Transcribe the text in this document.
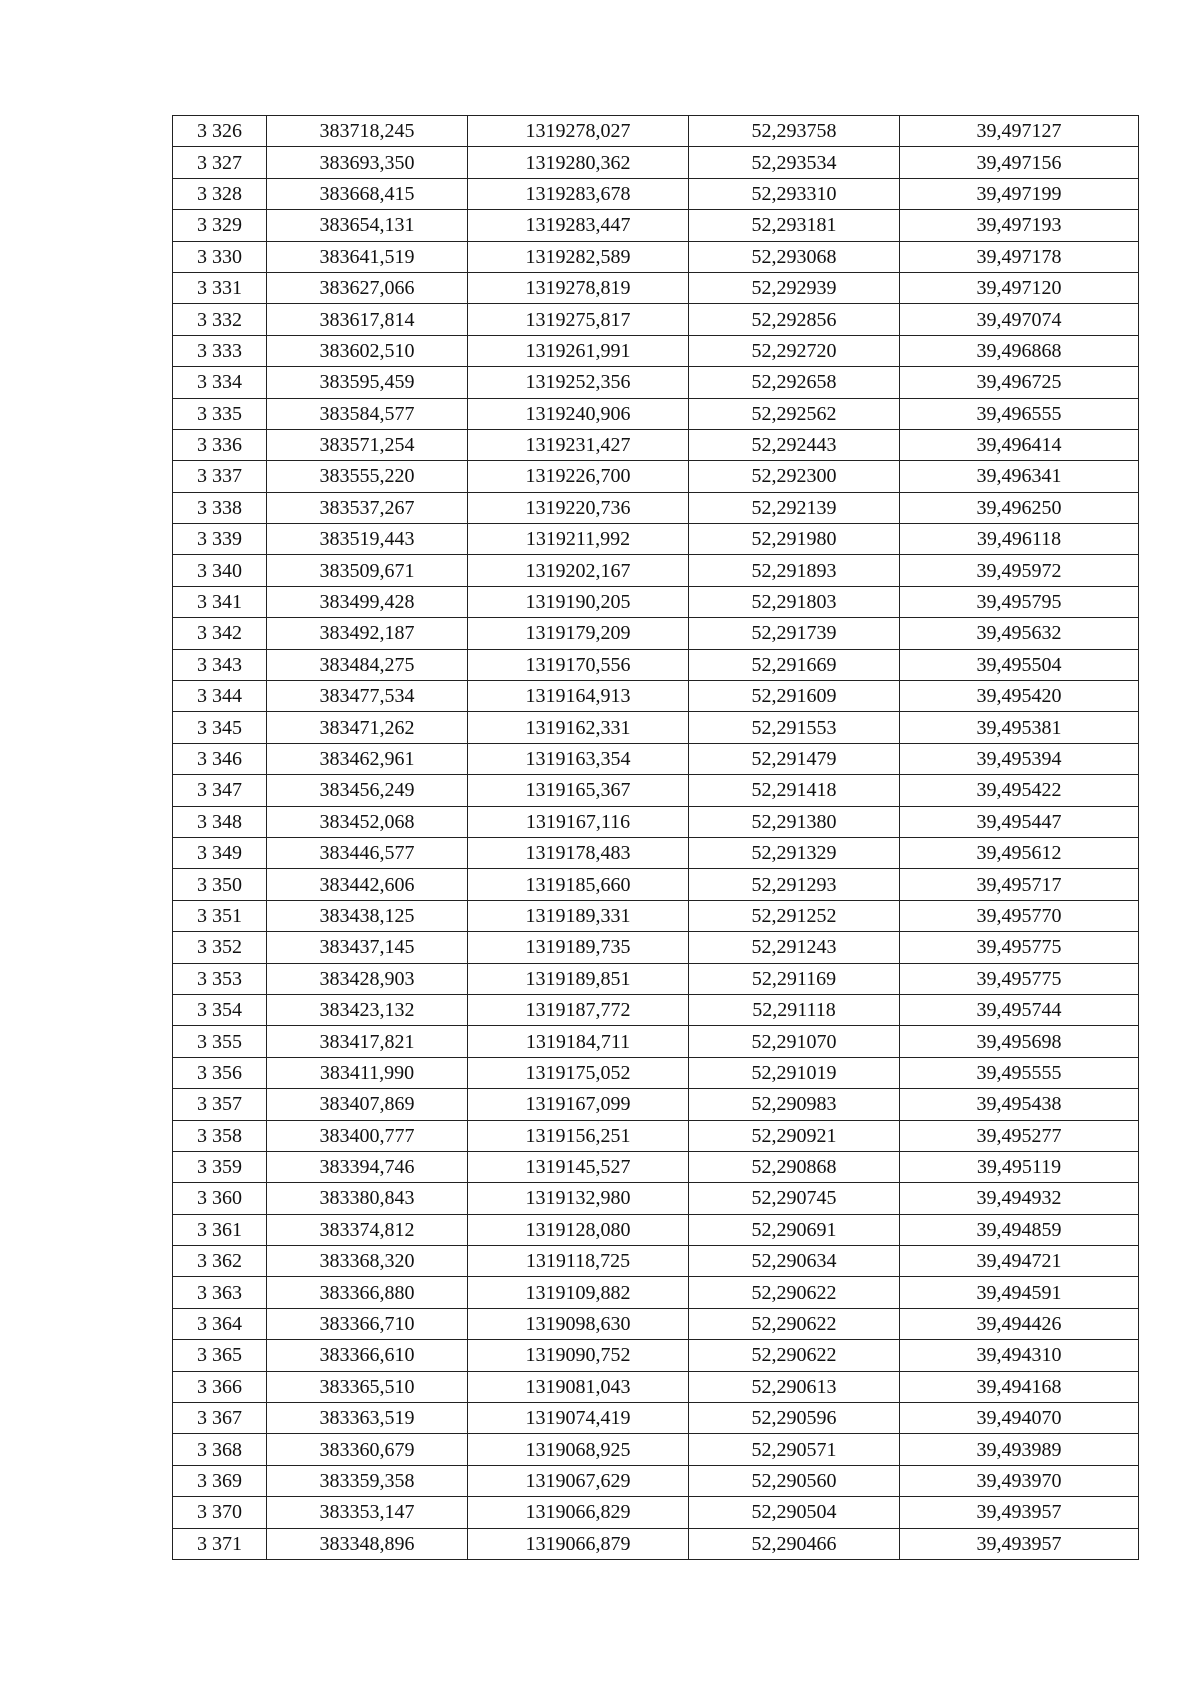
3 326	383718,245	1319278,027	52,293758	39,497127
3 327	383693,350	1319280,362	52,293534	39,497156
3 328	383668,415	1319283,678	52,293310	39,497199
3 329	383654,131	1319283,447	52,293181	39,497193
3 330	383641,519	1319282,589	52,293068	39,497178
3 331	383627,066	1319278,819	52,292939	39,497120
3 332	383617,814	1319275,817	52,292856	39,497074
3 333	383602,510	1319261,991	52,292720	39,496868
3 334	383595,459	1319252,356	52,292658	39,496725
3 335	383584,577	1319240,906	52,292562	39,496555
3 336	383571,254	1319231,427	52,292443	39,496414
3 337	383555,220	1319226,700	52,292300	39,496341
3 338	383537,267	1319220,736	52,292139	39,496250
3 339	383519,443	1319211,992	52,291980	39,496118
3 340	383509,671	1319202,167	52,291893	39,495972
3 341	383499,428	1319190,205	52,291803	39,495795
3 342	383492,187	1319179,209	52,291739	39,495632
3 343	383484,275	1319170,556	52,291669	39,495504
3 344	383477,534	1319164,913	52,291609	39,495420
3 345	383471,262	1319162,331	52,291553	39,495381
3 346	383462,961	1319163,354	52,291479	39,495394
3 347	383456,249	1319165,367	52,291418	39,495422
3 348	383452,068	1319167,116	52,291380	39,495447
3 349	383446,577	1319178,483	52,291329	39,495612
3 350	383442,606	1319185,660	52,291293	39,495717
3 351	383438,125	1319189,331	52,291252	39,495770
3 352	383437,145	1319189,735	52,291243	39,495775
3 353	383428,903	1319189,851	52,291169	39,495775
3 354	383423,132	1319187,772	52,291118	39,495744
3 355	383417,821	1319184,711	52,291070	39,495698
3 356	383411,990	1319175,052	52,291019	39,495555
3 357	383407,869	1319167,099	52,290983	39,495438
3 358	383400,777	1319156,251	52,290921	39,495277
3 359	383394,746	1319145,527	52,290868	39,495119
3 360	383380,843	1319132,980	52,290745	39,494932
3 361	383374,812	1319128,080	52,290691	39,494859
3 362	383368,320	1319118,725	52,290634	39,494721
3 363	383366,880	1319109,882	52,290622	39,494591
3 364	383366,710	1319098,630	52,290622	39,494426
3 365	383366,610	1319090,752	52,290622	39,494310
3 366	383365,510	1319081,043	52,290613	39,494168
3 367	383363,519	1319074,419	52,290596	39,494070
3 368	383360,679	1319068,925	52,290571	39,493989
3 369	383359,358	1319067,629	52,290560	39,493970
3 370	383353,147	1319066,829	52,290504	39,493957
3 371	383348,896	1319066,879	52,290466	39,493957
